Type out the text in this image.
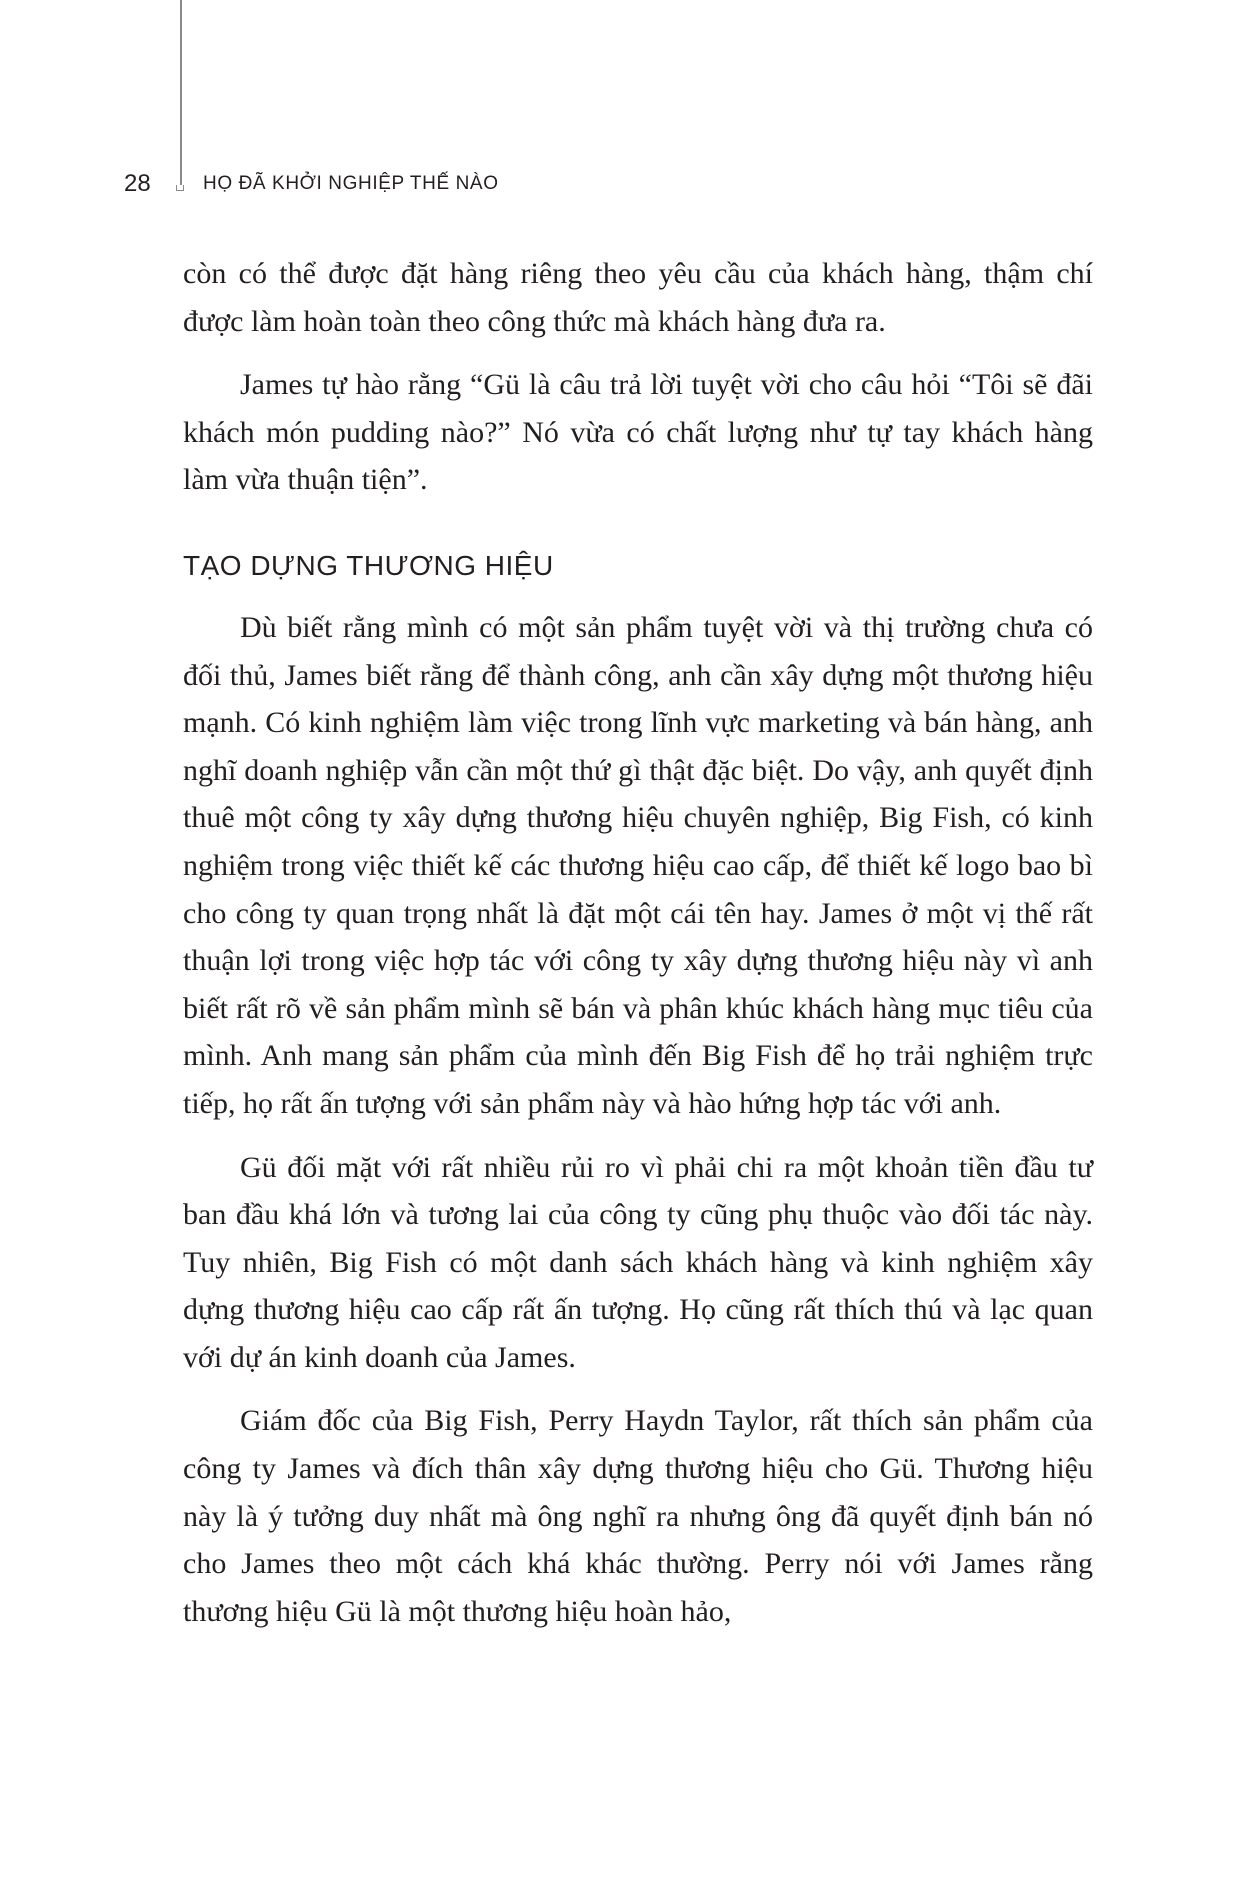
28	HỌ ĐÃ KHỞI NGHIỆP THẾ NÀO

còn có thể được đặt hàng riêng theo yêu cầu của khách hàng, thậm chí được làm hoàn toàn theo công thức mà khách hàng đưa ra.

James tự hào rằng “Gü là câu trả lời tuyệt vời cho câu hỏi “Tôi sẽ đãi khách món pudding nào?” Nó vừa có chất lượng như tự tay khách hàng làm vừa thuận tiện”.

TẠO DỰNG THƯƠNG HIỆU

Dù biết rằng mình có một sản phẩm tuyệt vời và thị trường chưa có đối thủ, James biết rằng để thành công, anh cần xây dựng một thương hiệu mạnh. Có kinh nghiệm làm việc trong lĩnh vực marketing và bán hàng, anh nghĩ doanh nghiệp vẫn cần một thứ gì thật đặc biệt. Do vậy, anh quyết định thuê một công ty xây dựng thương hiệu chuyên nghiệp, Big Fish, có kinh nghiệm trong việc thiết kế các thương hiệu cao cấp, để thiết kế logo bao bì cho công ty quan trọng nhất là đặt một cái tên hay. James ở một vị thế rất thuận lợi trong việc hợp tác với công ty xây dựng thương hiệu này vì anh biết rất rõ về sản phẩm mình sẽ bán và phân khúc khách hàng mục tiêu của mình. Anh mang sản phẩm của mình đến Big Fish để họ trải nghiệm trực tiếp, họ rất ấn tượng với sản phẩm này và hào hứng hợp tác với anh.

Gü đối mặt với rất nhiều rủi ro vì phải chi ra một khoản tiền đầu tư ban đầu khá lớn và tương lai của công ty cũng phụ thuộc vào đối tác này. Tuy nhiên, Big Fish có một danh sách khách hàng và kinh nghiệm xây dựng thương hiệu cao cấp rất ấn tượng. Họ cũng rất thích thú và lạc quan với dự án kinh doanh của James.

Giám đốc của Big Fish, Perry Haydn Taylor, rất thích sản phẩm của công ty James và đích thân xây dựng thương hiệu cho Gü. Thương hiệu này là ý tưởng duy nhất mà ông nghĩ ra nhưng ông đã quyết định bán nó cho James theo một cách khá khác thường. Perry nói với James rằng thương hiệu Gü là một thương hiệu hoàn hảo,
